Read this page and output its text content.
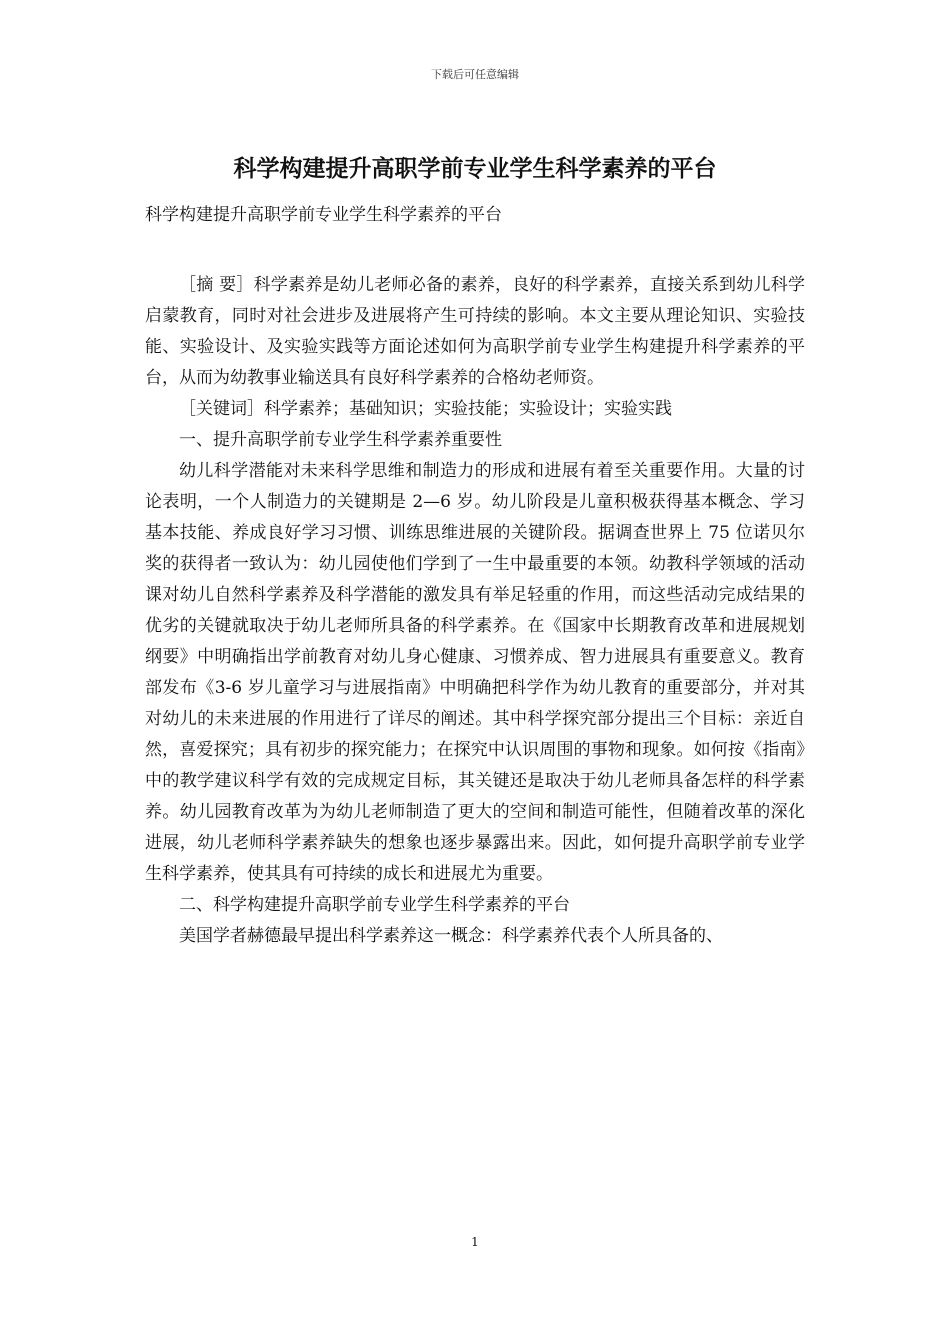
下载后可任意编辑
科学构建提升高职学前专业学生科学素养的平台

科学构建提升高职学前专业学生科学素养的平台

［摘 要］科学素养是幼儿老师必备的素养，良好的科学素养，直接关系到幼儿科学启蒙教育，同时对社会进步及进展将产生可持续的影响。本文主要从理论知识、实验技能、实验设计、及实验实践等方面论述如何为高职学前专业学生构建提升科学素养的平台，从而为幼教事业输送具有良好科学素养的合格幼老师资。

［关键词］科学素养；基础知识；实验技能；实验设计；实验实践

一、提升高职学前专业学生科学素养重要性

幼儿科学潜能对未来科学思维和制造力的形成和进展有着至关重要作用。大量的讨论表明，一个人制造力的关键期是 2—6 岁。幼儿阶段是儿童积极获得基本概念、学习基本技能、养成良好学习习惯、训练思维进展的关键阶段。据调查世界上 75 位诺贝尔奖的获得者一致认为：幼儿园使他们学到了一生中最重要的本领。幼教科学领域的活动课对幼儿自然科学素养及科学潜能的激发具有举足轻重的作用，而这些活动完成结果的优劣的关键就取决于幼儿老师所具备的科学素养。在《国家中长期教育改革和进展规划纲要》中明确指出学前教育对幼儿身心健康、习惯养成、智力进展具有重要意义。教育部发布《3-6 岁儿童学习与进展指南》中明确把科学作为幼儿教育的重要部分，并对其对幼儿的未来进展的作用进行了详尽的阐述。其中科学探究部分提出三个目标：亲近自然，喜爱探究；具有初步的探究能力；在探究中认识周围的事物和现象。如何按《指南》中的教学建议科学有效的完成规定目标，其关键还是取决于幼儿老师具备怎样的科学素养。幼儿园教育改革为为幼儿老师制造了更大的空间和制造可能性，但随着改革的深化进展，幼儿老师科学素养缺失的想象也逐步暴露出来。因此，如何提升高职学前专业学生科学素养，使其具有可持续的成长和进展尤为重要。

二、科学构建提升高职学前专业学生科学素养的平台

美国学者赫德最早提出科学素养这一概念：科学素养代表个人所具备的、

1
